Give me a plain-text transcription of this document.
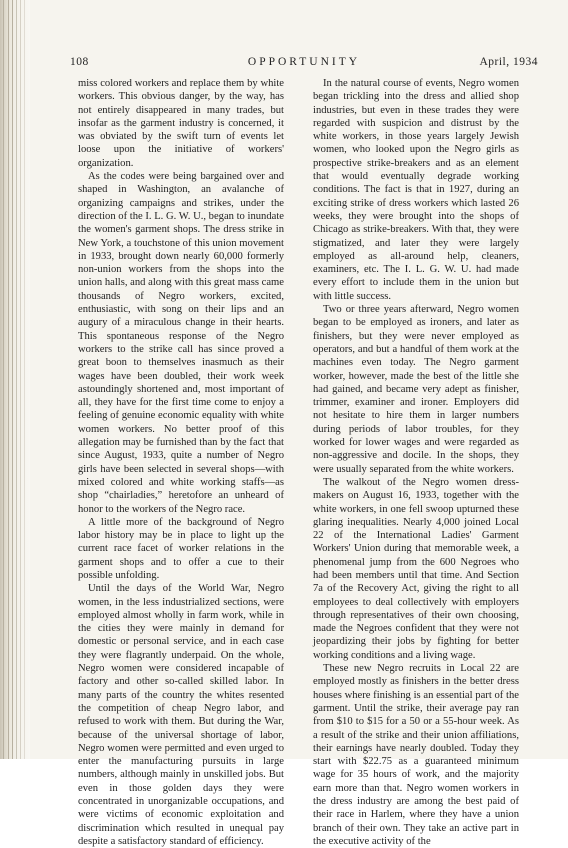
108	OPPORTUNITY	April, 1934

miss colored workers and replace them by white workers. This obvious danger, by the way, has not entirely disappeared in many trades, but insofar as the garment industry is concerned, it was obviated by the swift turn of events let loose upon the initiative of workers' organization.

As the codes were being bargained over and shaped in Washington, an avalanche of organizing campaigns and strikes, under the direction of the I. L. G. W. U., began to inundate the women's garment shops. The dress strike in New York, a touchstone of this union movement in 1933, brought down nearly 60,000 formerly non-union workers from the shops into the union halls, and along with this great mass came thousands of Negro workers, excited, enthusiastic, with song on their lips and an augury of a miraculous change in their hearts. This spontaneous response of the Negro workers to the strike call has since proved a great boon to themselves inasmuch as their wages have been doubled, their work week astoundingly shortened and, most important of all, they have for the first time come to enjoy a feeling of genuine economic equality with white women workers. No better proof of this allegation may be furnished than by the fact that since August, 1933, quite a number of Negro girls have been selected in several shops—with mixed colored and white working staffs—as shop “chairladies,” heretofore an unheard of honor to the workers of the Negro race.

A little more of the background of Negro labor history may be in place to light up the current race facet of worker relations in the garment shops and to offer a cue to their possible unfolding.

Until the days of the World War, Negro women, in the less industrialized sections, were employed almost wholly in farm work, while in the cities they were mainly in demand for domestic or personal service, and in each case they were flagrantly underpaid. On the whole, Negro women were considered incapable of factory and other so-called skilled labor. In many parts of the country the whites resented the competition of cheap Negro labor, and refused to work with them. But during the War, because of the universal shortage of labor, Negro women were permitted and even urged to enter the manufacturing pursuits in large numbers, although mainly in unskilled jobs. But even in those golden days they were concentrated in unorganizable occupations, and were victims of economic exploitation and discrimination which resulted in unequal pay despite a satisfactory standard of efficiency.

In the natural course of events, Negro women began trickling into the dress and allied shop industries, but even in these trades they were regarded with suspicion and distrust by the white workers, in those years largely Jewish women, who looked upon the Negro girls as prospective strike-breakers and as an element that would eventually degrade working conditions. The fact is that in 1927, during an exciting strike of dress workers which lasted 26 weeks, they were brought into the shops of Chicago as strike-breakers. With that, they were stigmatized, and later they were largely employed as all-around help, cleaners, examiners, etc. The I. L. G. W. U. had made every effort to include them in the union but with little success.

Two or three years afterward, Negro women began to be employed as ironers, and later as finishers, but they were never employed as operators, and but a handful of them work at the machines even today. The Negro garment worker, however, made the best of the little she had gained, and became very adept as finisher, trimmer, examiner and ironer. Employers did not hesitate to hire them in larger numbers during periods of labor troubles, for they worked for lower wages and were regarded as non-aggressive and docile. In the shops, they were usually separated from the white workers.

The walkout of the Negro women dress-makers on August 16, 1933, together with the white workers, in one fell swoop upturned these glaring inequalities. Nearly 4,000 joined Local 22 of the International Ladies' Garment Workers' Union during that memorable week, a phenomenal jump from the 600 Negroes who had been members until that time. And Section 7a of the Recovery Act, giving the right to all employees to deal collectively with employers through representatives of their own choosing, made the Negroes confident that they were not jeopardizing their jobs by fighting for better working conditions and a living wage.

These new Negro recruits in Local 22 are employed mostly as finishers in the better dress houses where finishing is an essential part of the garment. Until the strike, their average pay ran from $10 to $15 for a 50 or a 55-hour week. As a result of the strike and their union affiliations, their earnings have nearly doubled. Today they start with $22.75 as a guaranteed minimum wage for 35 hours of work, and the majority earn more than that. Negro women workers in the dress industry are among the best paid of their race in Harlem, where they have a union branch of their own. They take an active part in the executive activity of the
